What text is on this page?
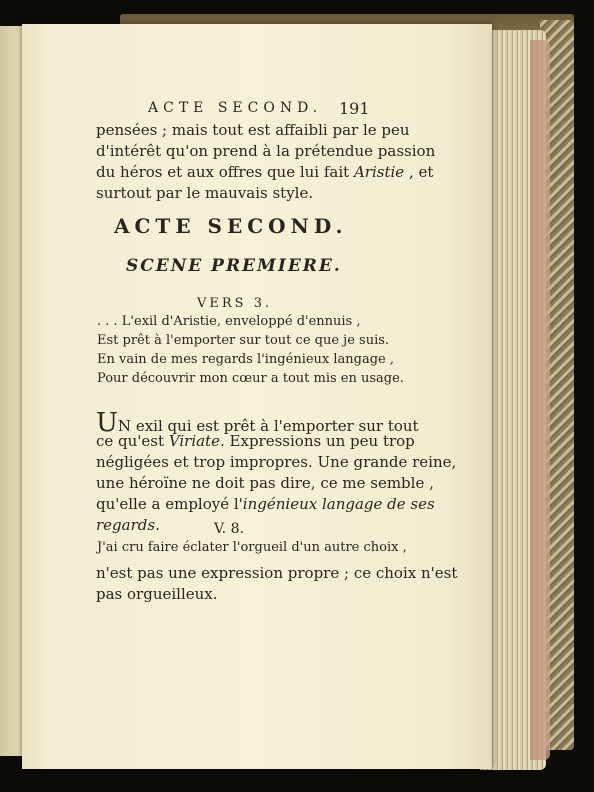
ACTE SECOND. 191
pensées ; mais tout est affaibli par le peu
d'intérêt qu'on prend à la prétendue passion
du héros et aux offres que lui fait Aristie , et
surtout par le mauvais style.
ACTE SECOND.
SCENE PREMIERE.
VERS 3.
. . . L'exil d'Aristie, enveloppé d'ennuis ,
Est prêt à l'emporter sur tout ce que je suis.
En vain de mes regards l'ingénieux langage ,
Pour découvrir mon cœur a tout mis en usage.
UN exil qui est prêt à l'emporter sur tout
ce qu'est Viriate. Expressions un peu trop
négligées et trop impropres. Une grande reine,
une héroïne ne doit pas dire, ce me semble ,
qu'elle a employé l'ingénieux langage de ses
regards.	V. 8.
J'ai cru faire éclater l'orgueil d'un autre choix ,
n'est pas une expression propre ; ce choix n'est
pas orgueilleux.
